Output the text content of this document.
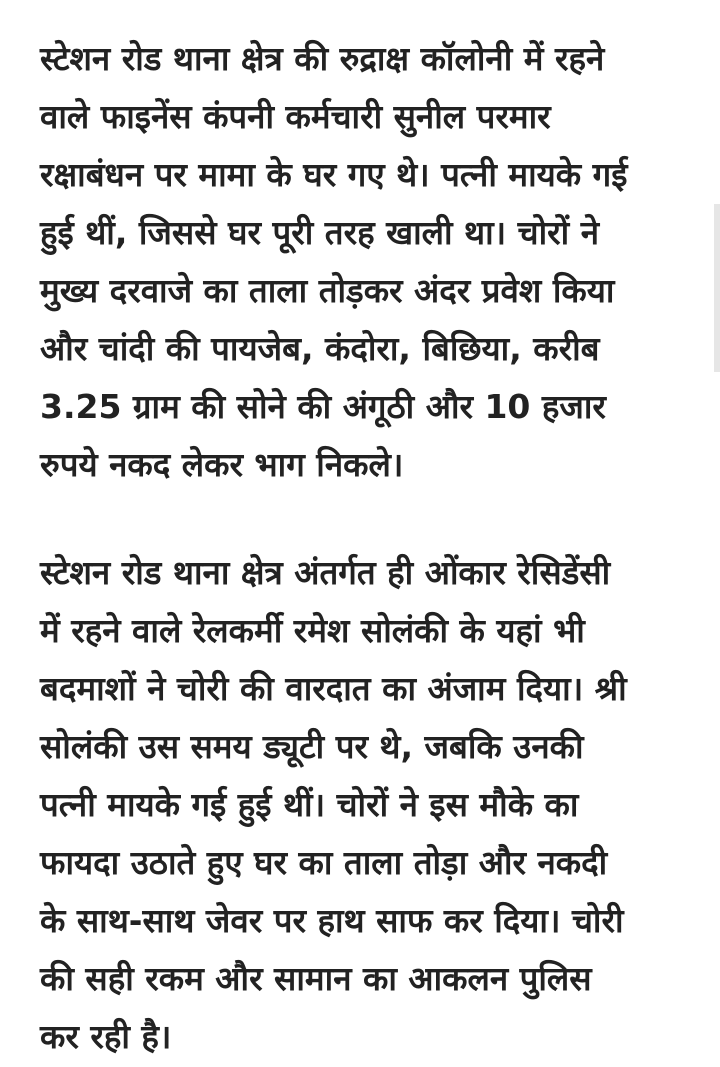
स्टेशन रोड थाना क्षेत्र की रुद्राक्ष कॉलोनी में रहने
वाले फाइनेंस कंपनी कर्मचारी सुनील परमार
रक्षाबंधन पर मामा के घर गए थे। पत्नी मायके गई
हुई थीं, जिससे घर पूरी तरह खाली था। चोरों ने
मुख्य दरवाजे का ताला तोड़कर अंदर प्रवेश किया
और चांदी की पायजेब, कंदोरा, बिछिया, करीब
3.25 ग्राम की सोने की अंगूठी और 10 हजार
रुपये नकद लेकर भाग निकले।

स्टेशन रोड थाना क्षेत्र अंतर्गत ही ओंकार रेसिडेंसी
में रहने वाले रेलकर्मी रमेश सोलंकी के यहां भी
बदमाशों ने चोरी की वारदात का अंजाम दिया। श्री
सोलंकी उस समय ड्यूटी पर थे, जबकि उनकी
पत्नी मायके गई हुई थीं। चोरों ने इस मौके का
फायदा उठाते हुए घर का ताला तोड़ा और नकदी
के साथ-साथ जेवर पर हाथ साफ कर दिया। चोरी
की सही रकम और सामान का आकलन पुलिस
कर रही है।
